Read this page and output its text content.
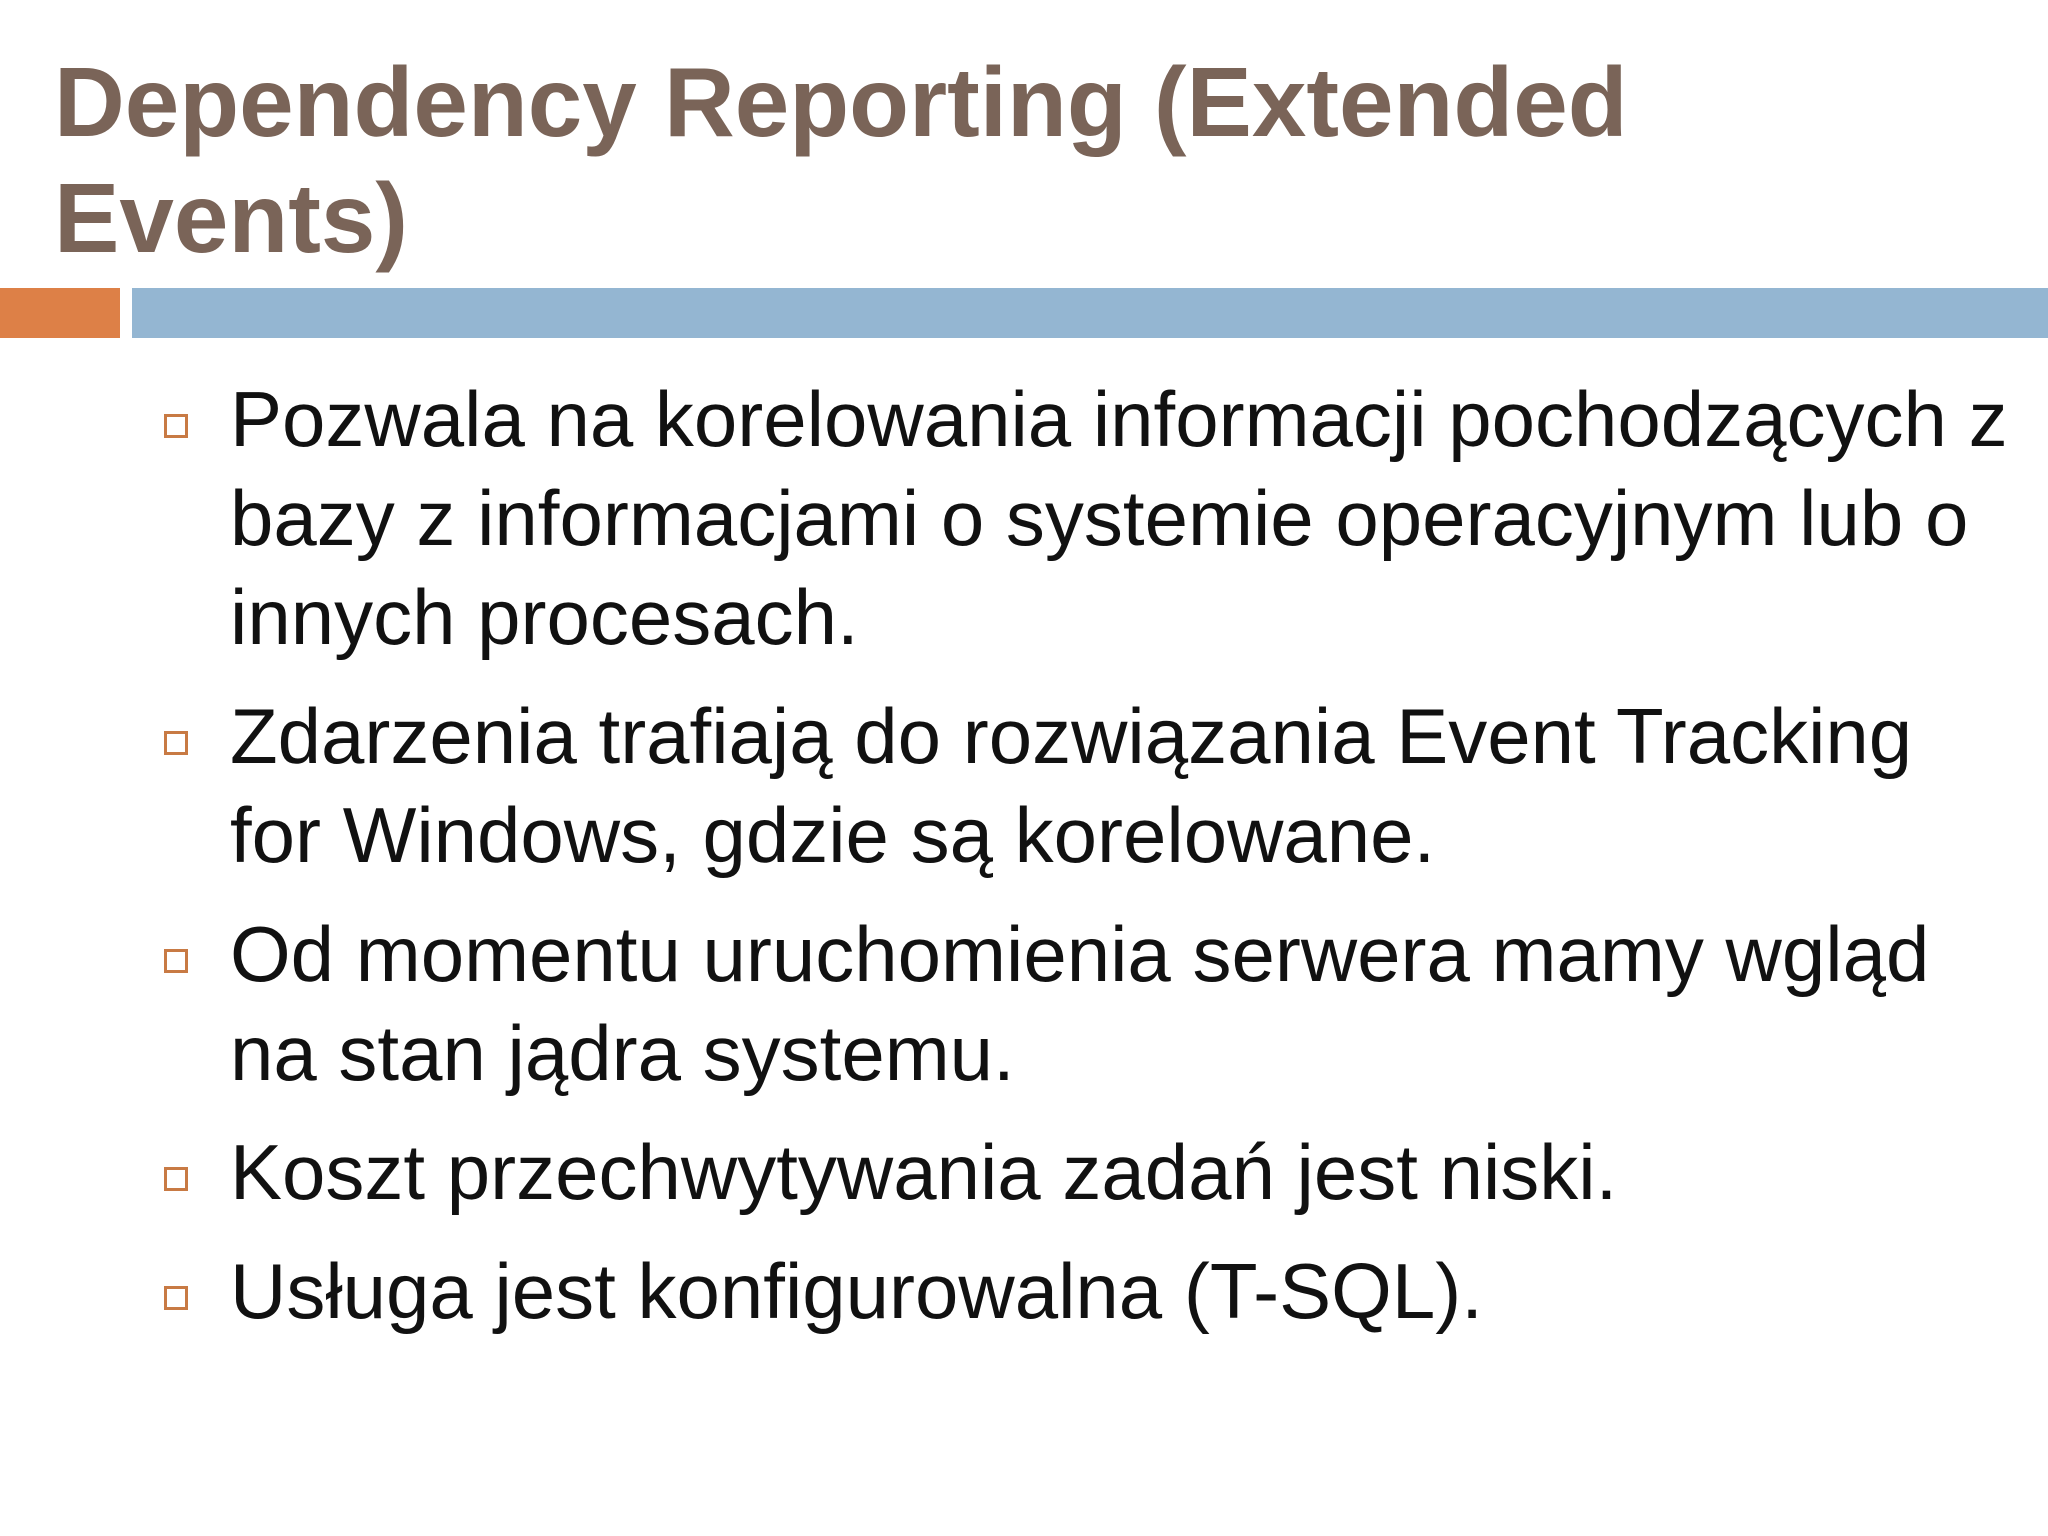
Dependency Reporting (Extended Events)
Pozwala na korelowania informacji pochodzących z bazy z informacjami o systemie operacyjnym lub o innych procesach.
Zdarzenia trafiają do rozwiązania Event Tracking for Windows, gdzie są korelowane.
Od momentu uruchomienia serwera mamy wgląd na stan jądra systemu.
Koszt przechwytywania zadań jest niski.
Usługa jest konfigurowalna (T-SQL).
